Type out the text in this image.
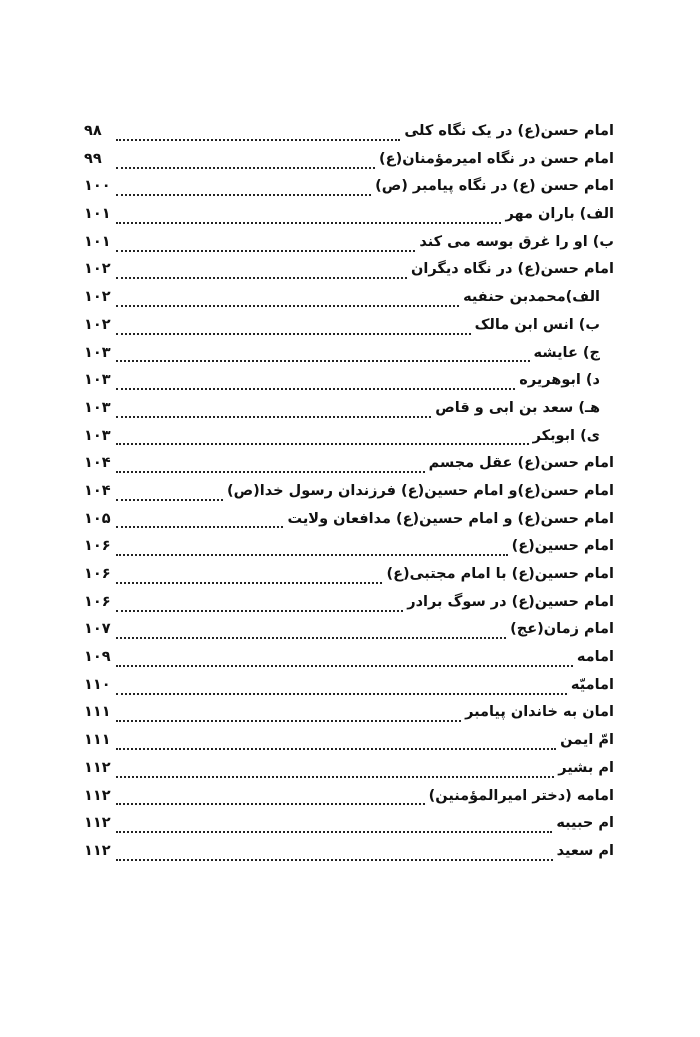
امام حسن(ع) در یک نگاه کلی
۹۸
امام حسن در نگاه امیرمؤمنان(ع)
۹۹
امام حسن (ع) در نگاه پیامبر (ص)
۱۰۰
الف) باران مهر
۱۰۱
ب) او را غرق بوسه می کند
۱۰۱
امام حسن(ع) در نگاه دیگران
۱۰۲
الف)محمدبن حنفیه
۱۰۲
ب) انس ابن مالک
۱۰۲
ج) عایشه
۱۰۳
د) ابوهریره
۱۰۳
هـ) سعد بن ابی و قاص
۱۰۳
ی) ابوبکر
۱۰۳
امام حسن(ع) عقل مجسم
۱۰۴
امام حسن(ع)و امام حسین(ع) فرزندان رسول خدا(ص)
۱۰۴
امام حسن(ع) و امام حسین(ع) مدافعان ولایت
۱۰۵
امام حسین(ع)
۱۰۶
امام حسین(ع) با امام مجتبی(ع)
۱۰۶
امام حسین(ع) در سوگ برادر
۱۰۶
امام زمان(عج)
۱۰۷
امامه
۱۰۹
امامیّه
۱۱۰
امان به خاندان پیامبر
۱۱۱
امّ ایمن
۱۱۱
ام بشیر
۱۱۲
امامه (دختر امیرالمؤمنین)
۱۱۲
ام حبیبه
۱۱۲
ام سعید
۱۱۲
